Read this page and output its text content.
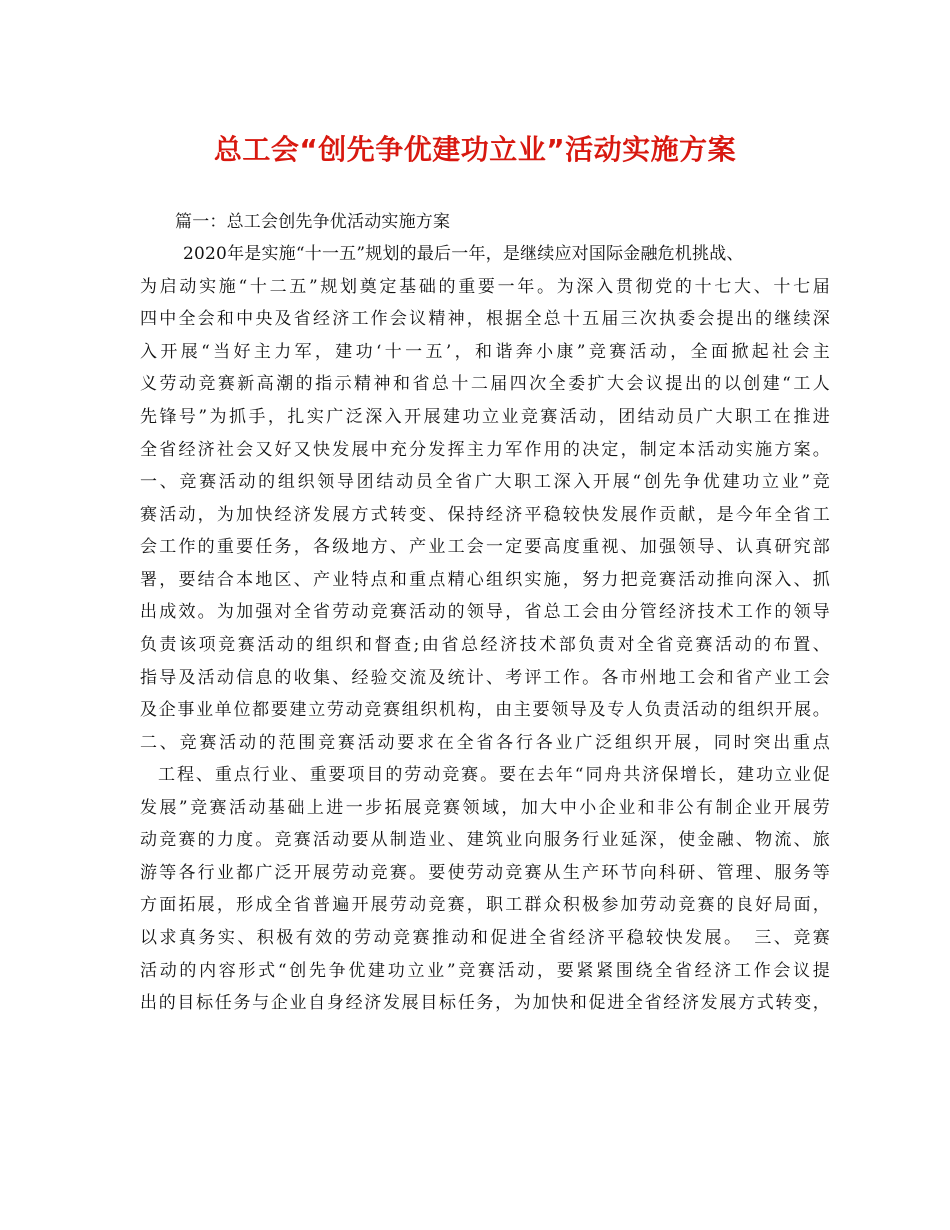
总工会“创先争优建功立业”活动实施方案
篇一：总工会创先争优活动实施方案
2020年是实施“十一五”规划的最后一年，是继续应对国际金融危机挑战、
为启动实施“十二五”规划奠定基础的重要一年。为深入贯彻党的十七大、十七届
四中全会和中央及省经济工作会议精神，根据全总十五届三次执委会提出的继续深
入开展“当好主力军，建功‘十一五’，和谐奔小康”竞赛活动，全面掀起社会主
义劳动竞赛新高潮的指示精神和省总十二届四次全委扩大会议提出的以创建“工人
先锋号”为抓手，扎实广泛深入开展建功立业竞赛活动，团结动员广大职工在推进
全省经济社会又好又快发展中充分发挥主力军作用的决定，制定本活动实施方案。
一、竞赛活动的组织领导团结动员全省广大职工深入开展“创先争优建功立业”竞
赛活动，为加快经济发展方式转变、保持经济平稳较快发展作贡献，是今年全省工
会工作的重要任务，各级地方、产业工会一定要高度重视、加强领导、认真研究部
署，要结合本地区、产业特点和重点精心组织实施，努力把竞赛活动推向深入、抓
出成效。为加强对全省劳动竞赛活动的领导，省总工会由分管经济技术工作的领导
负责该项竞赛活动的组织和督查;由省总经济技术部负责对全省竞赛活动的布置、
指导及活动信息的收集、经验交流及统计、考评工作。各市州地工会和省产业工会
及企事业单位都要建立劳动竞赛组织机构，由主要领导及专人负责活动的组织开展。
二、竞赛活动的范围竞赛活动要求在全省各行各业广泛组织开展，同时突出重点
工程、重点行业、重要项目的劳动竞赛。要在去年“同舟共济保增长，建功立业促
发展”竞赛活动基础上进一步拓展竞赛领域，加大中小企业和非公有制企业开展劳
动竞赛的力度。竞赛活动要从制造业、建筑业向服务行业延深，使金融、物流、旅
游等各行业都广泛开展劳动竞赛。要使劳动竞赛从生产环节向科研、管理、服务等
方面拓展，形成全省普遍开展劳动竞赛，职工群众积极参加劳动竞赛的良好局面，
以求真务实、积极有效的劳动竞赛推动和促进全省经济平稳较快发展。　三、竞赛
活动的内容形式“创先争优建功立业”竞赛活动，要紧紧围绕全省经济工作会议提
出的目标任务与企业自身经济发展目标任务，为加快和促进全省经济发展方式转变，
